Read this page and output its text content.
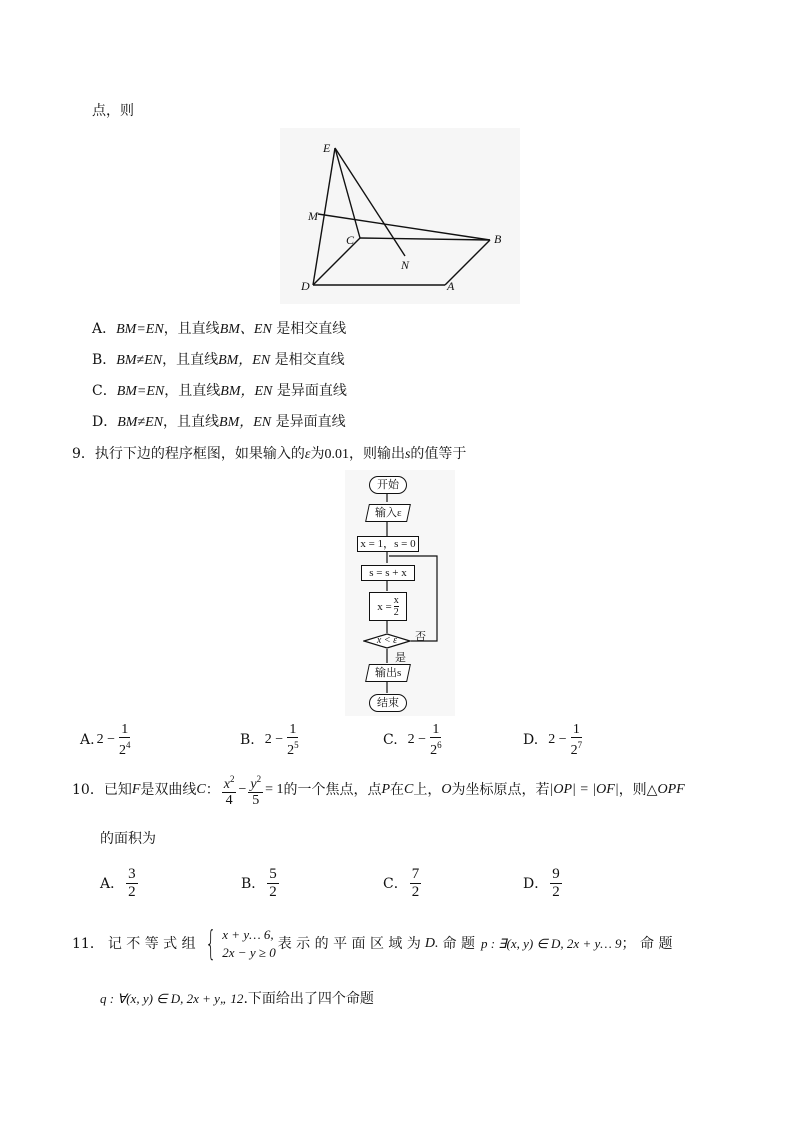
点，则
E
M
C	B
N
D	A
A．BM=EN，且直线BM、EN 是相交直线
B．BM≠EN，且直线BM，EN 是相交直线
C．BM=EN，且直线BM，EN 是异面直线
D．BM≠EN，且直线BM，EN 是异面直线
9．执行下边的程序框图，如果输入的ε为0.01，则输出s的值等于
开始
输入ε
x = 1，s = 0
s = s + x
$x = \frac{x}{2}$
x < ε	否
是
输出s
结束
A. $2 - \frac{1}{2^4}$	B. $2 - \frac{1}{2^5}$	C. $2 - \frac{1}{2^6}$	D. $2 - \frac{1}{2^7}$
10． 已知 F 是双曲线 C ： $\frac{x^2}{4} - \frac{y^2}{5} = 1$ 的一个焦点，点 P 在 C 上， O 为坐标原点，若 |OP| = |OF| ，则△ OPF
的面积为
A． $\frac{3}{2}$	B． $\frac{5}{2}$	C． $\frac{7}{2}$	D． $\frac{9}{2}$
11． 记 不 等 式 组 { x + y… 6,
2x − y ≥ 0
表 示 的 平 面 区 域 为 D. 命 题 p : ∃(x, y) ∈ D, 2x + y… 9 ； 命 题
q : ∀(x, y) ∈ D, 2x + y„ 12.下面给出了四个命题
